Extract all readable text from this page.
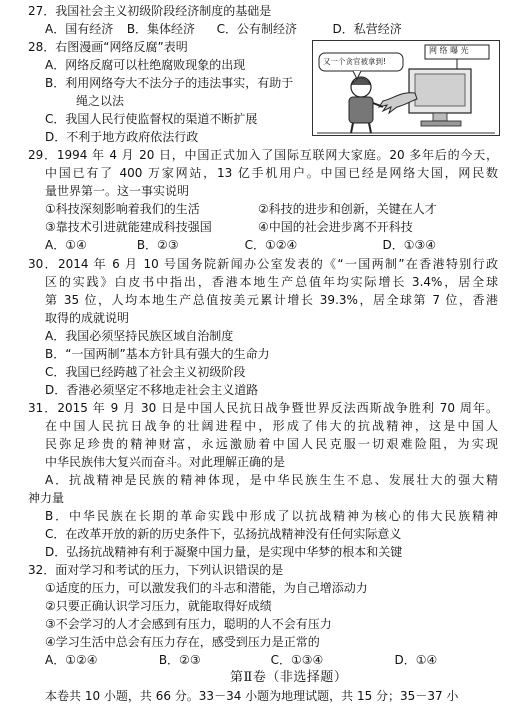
27．我国社会主义初级阶段经济制度的基础是
A．国有经济 B．集体经济 C．公有制经济	D．私营经济
28．右图漫画“网络反腐”表明
A．网络反腐可以杜绝腐败现象的出现
B．利用网络夸大不法分子的违法事实，有助于
绳之以法
C．我国人民行使监督权的渠道不断扩展
D．不利于地方政府依法行政
网 络 曝 光
又一个贪官被拿到!
29．1994 年 4 月 20 日，中国正式加入了国际互联网大家庭。20 多年后的今天，
中国已有了 400 万家网站，13 亿手机用户。中国已经是网络大国，网民数
量世界第一。这一事实说明
①科技深刻影响着我们的生活	②科技的进步和创新，关键在人才
③靠技术引进就能建成科技强国	④中国的社会进步离不开科技
A．①④	B．②③	C．①②④	D．①③④
30．2014 年 6 月 10 号国务院新闻办公室发表的《“一国两制”在香港特别行政
区的实践》白皮书中指出，香港本地生产总值年均实际增长 3.4%，居全球
第 35 位，人均本地生产总值按美元累计增长 39.3%，居全球第 7 位，香港
取得的成就说明
A．我国必须坚持民族区域自治制度
B．“一国两制”基本方针具有强大的生命力
C．我国已经跨越了社会主义初级阶段
D．香港必须坚定不移地走社会主义道路
31．2015 年 9 月 30 日是中国人民抗日战争暨世界反法西斯战争胜利 70 周年。
在中国人民抗日战争的壮阔进程中，形成了伟大的抗战精神，这是中国人
民弥足珍贵的精神财富，永远激励着中国人民克服一切艰难险阻，为实现
中华民族伟大复兴而奋斗。对此理解正确的是
A．抗战精神是民族的精神体现，是中华民族生生不息、发展壮大的强大精
神力量
B．中华民族在长期的革命实践中形成了以抗战精神为核心的伟大民族精神
C．在改革开放的新的历史条件下，弘扬抗战精神没有任何实际意义
D．弘扬抗战精神有利于凝聚中国力量，是实现中华梦的根本和关键
32．面对学习和考试的压力，下列认识错误的是
①适度的压力，可以激发我们的斗志和潜能，为自己增添动力
②只要正确认识学习压力，就能取得好成绩
③不会学习的人才会感到有压力，聪明的人不会有压力
④学习生活中总会有压力存在，感受到压力是正常的
A．①②④	B．②③	C．①③④	D．①④
第Ⅱ卷（非选择题）
本卷共 10 小题，共 66 分。33－34 小题为地理试题，共 15 分；35－37 小
